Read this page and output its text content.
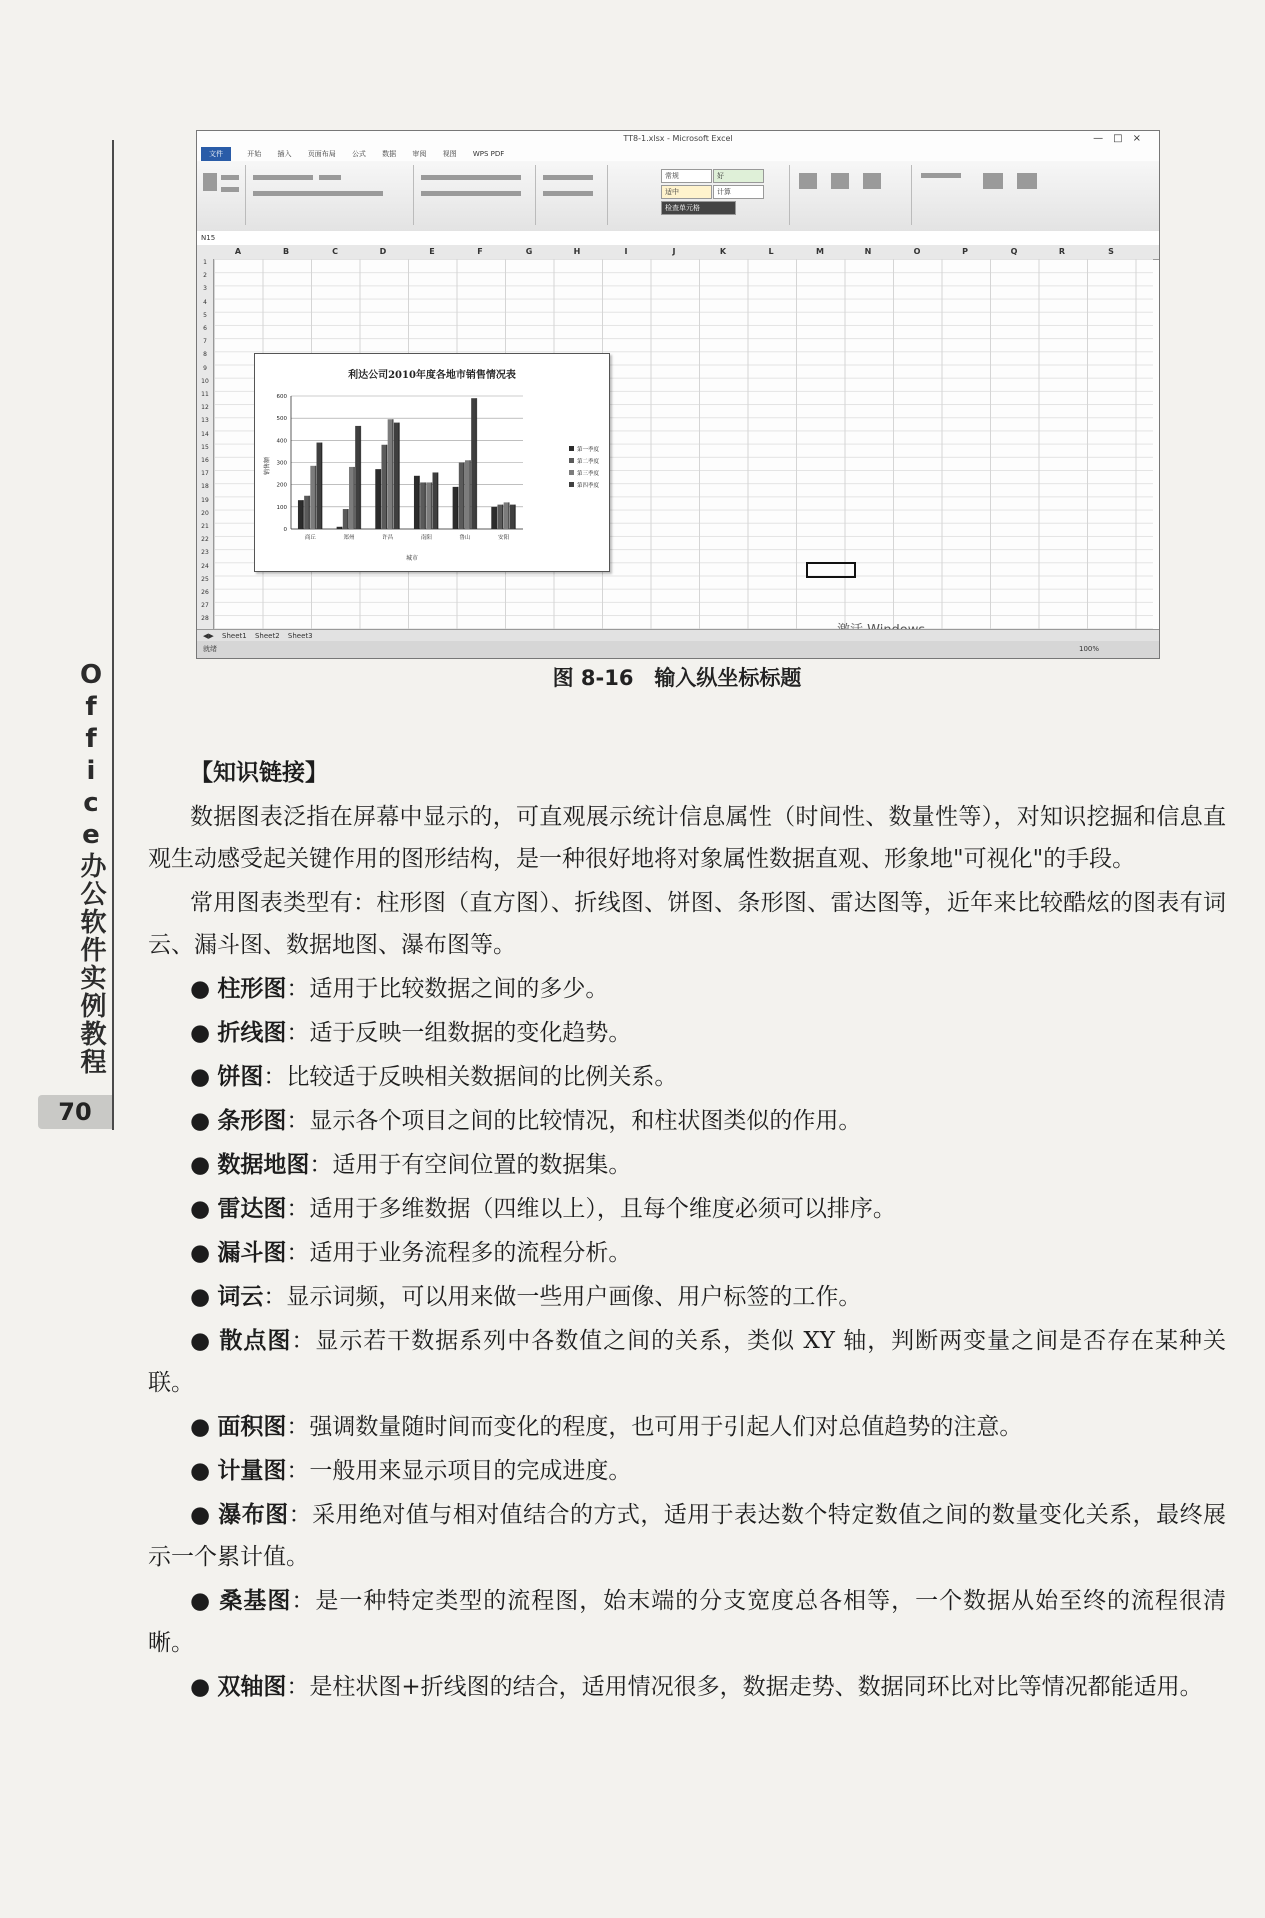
Office办公软件实例教程
70
TT8-1.xlsx - Microsoft Excel	—□×
文件	开始 插入 页面布局 公式 数据 审阅 视图 WPS PDF
常规	好
适中	计算
检查单元格
N15
A	B	C	D	E	F	G	H	I	J	K	L	M	N	O	P	Q	R	S
1
2
3
4
5
6
7
8
9
10
11
12
13
14
15
16
17
18
19
20
21
22
23
24
25
26
27
28
利达公司2010年度各地市销售情况表
城市
销售额
0
100
200
300
400
500
600
商丘	郑州	许昌	南阳	鲁山	安阳
第一季度
第二季度
第三季度
第四季度
◀▶ Sheet1 Sheet2 Sheet3
就绪	100%
图 8-16　输入纵坐标标题

【知识链接】

数据图表泛指在屏幕中显示的，可直观展示统计信息属性（时间性、数量性等），对知识挖掘和信息直观生动感受起关键作用的图形结构，是一种很好地将对象属性数据直观、形象地"可视化"的手段。

常用图表类型有：柱形图（直方图）、折线图、饼图、条形图、雷达图等，近年来比较酷炫的图表有词云、漏斗图、数据地图、瀑布图等。

● 柱形图：适用于比较数据之间的多少。

● 折线图：适于反映一组数据的变化趋势。

● 饼图：比较适于反映相关数据间的比例关系。

● 条形图：显示各个项目之间的比较情况，和柱状图类似的作用。

● 数据地图：适用于有空间位置的数据集。

● 雷达图：适用于多维数据（四维以上），且每个维度必须可以排序。

● 漏斗图：适用于业务流程多的流程分析。

● 词云：显示词频，可以用来做一些用户画像、用户标签的工作。

● 散点图：显示若干数据系列中各数值之间的关系，类似 XY 轴，判断两变量之间是否存在某种关联。

● 面积图：强调数量随时间而变化的程度，也可用于引起人们对总值趋势的注意。

● 计量图：一般用来显示项目的完成进度。

● 瀑布图：采用绝对值与相对值结合的方式，适用于表达数个特定数值之间的数量变化关系，最终展示一个累计值。

● 桑基图：是一种特定类型的流程图，始末端的分支宽度总各相等，一个数据从始至终的流程很清晰。

● 双轴图：是柱状图+折线图的结合，适用情况很多，数据走势、数据同环比对比等情况都能适用。
